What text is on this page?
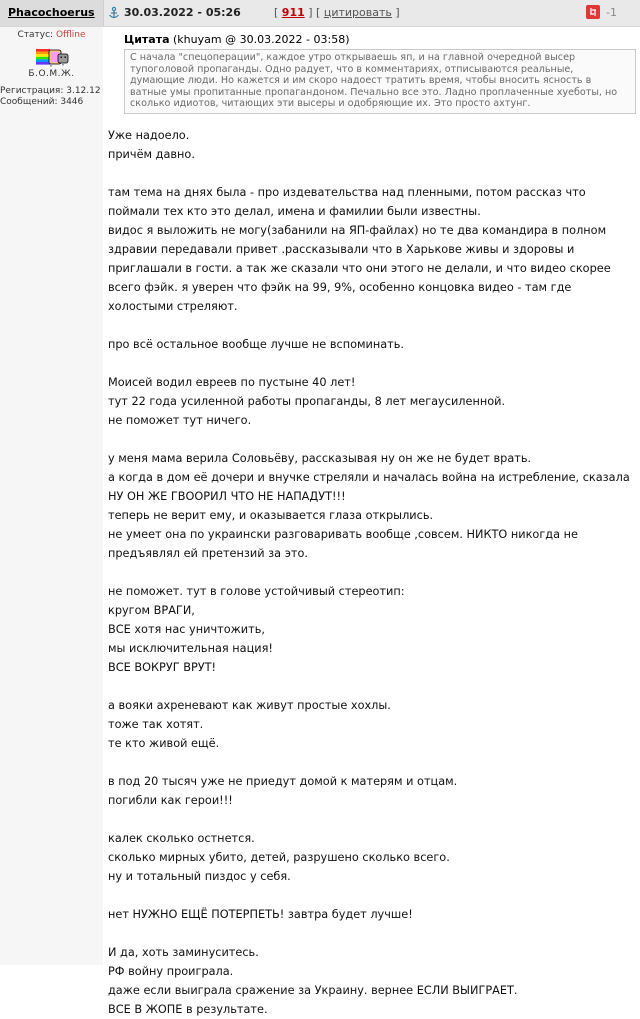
Phacochoerus	30.03.2022 - 05:26	[ 911 ] [ цитировать ]	-1
Статус: Offline
Б.О.М.Ж.
Регистрация: 3.12.12
Сообщений: 3446
Цитата (khuyam @ 30.03.2022 - 03:58)
С начала "спецоперации", каждое утро открываешь яп, и на главной очередной высер тупоголовой пропаганды. Одно радует, что в комментариях, отписываются реальные, думающие люди. Но кажется и им скоро надоест тратить время, чтобы вносить ясность в ватные умы пропитанные пропагандоном. Печально все это. Ладно проплаченные хуеботы, но сколько идиотов, читающих эти высеры и одобряющие их. Это просто ахтунг.

Уже надоело.

причём давно.

там тема на днях была - про издевательства над пленными, потом рассказ что поймали тех кто это делал, имена и фамилии были известны.

видос я выложить не могу(забанили на ЯП-файлах) но те два командира в полном здравии передавали привет .рассказывали что в Харькове живы и здоровы и приглашали в гости. а так же сказали что они этого не делали, и что видео скорее всего фэйк. я уверен что фэйк на 99, 9%, особенно концовка видео - там где холостыми стреляют.

про всё остальное вообще лучше не вспоминать.

Моисей водил евреев по пустыне 40 лет!

тут 22 года усиленной работы пропаганды, 8 лет мегаусиленной.

не поможет тут ничего.

у меня мама верила Соловьёву, рассказывая ну он же не будет врать.

а когда в дом её дочери и внучке стреляли и началась война на истребление, сказала НУ ОН ЖЕ ГВООРИЛ ЧТО НЕ НАПАДУТ!!!

теперь не верит ему, и оказывается глаза открылись.

не умеет она по украински разговаривать вообще ,совсем. НИКТО никогда не предъявлял ей претензий за это.

не поможет. тут в голове устойчивый стереотип:

кругом ВРАГИ,

ВСЕ хотя нас уничтожить,

мы исключительная нация!

ВСЕ ВОКРУГ ВРУТ!

а вояки ахреневают как живут простые хохлы.

тоже так хотят.

те кто живой ещё.

в под 20 тысяч уже не приедут домой к матерям и отцам.

погибли как герои!!!

калек сколько остнется.

сколько мирных убито, детей, разрушено сколько всего.

ну и тотальный пиздос у себя.

нет НУЖНО ЕЩЁ ПОТЕРПЕТЬ! завтра будет лучше!

И да, хоть заминуситесь.

РФ войну проиграла.

даже если выиграла сражение за Украину. вернее ЕСЛИ ВЫИГРАЕТ.

ВСЕ В ЖОПЕ в результате.
